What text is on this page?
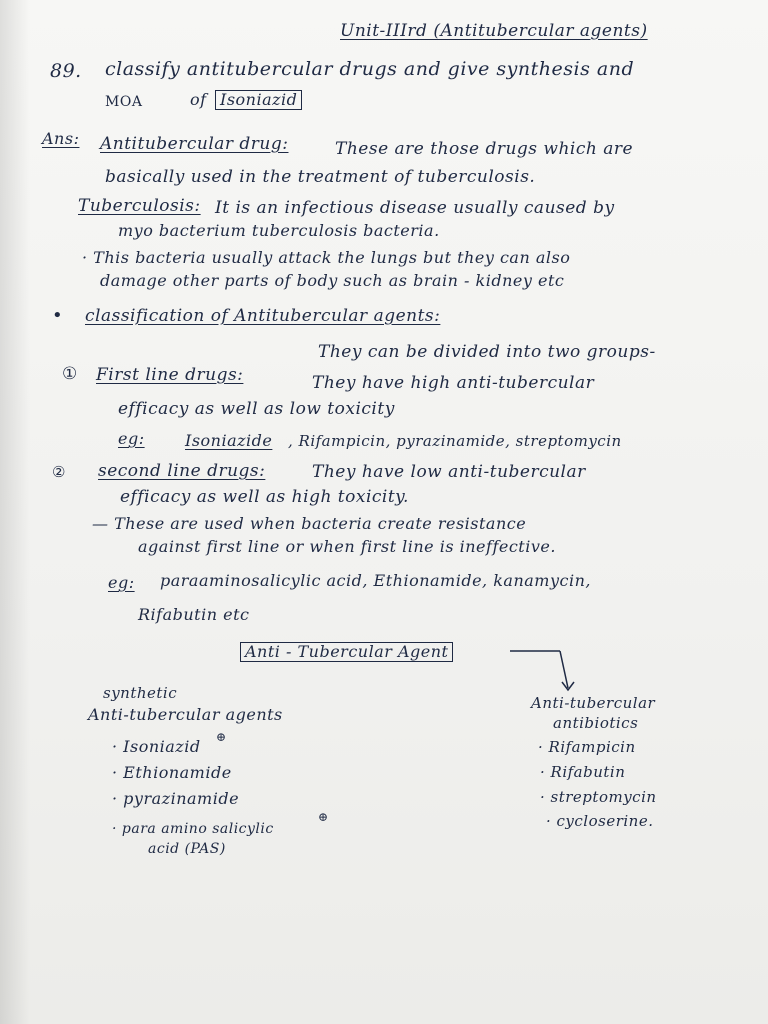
Unit-IIIrd (Antitubercular agents)
89. classify antitubercular drugs and give synthesis and
MOA	of Isoniazid
Ans: Antitubercular drug:	These are those drugs which are
basically used in the treatment of tuberculosis.
Tuberculosis: It is an infectious disease usually caused by
myo bacterium tuberculosis bacteria.
· This bacteria usually attack the lungs but they can also
damage other parts of body such as brain - kidney etc
• classification of Antitubercular agents:
They can be divided into two groups-
① First line drugs:	They have high anti-tubercular
efficacy as well as low toxicity
eg:	Isoniazide , Rifampicin, pyrazinamide, streptomycin
② second line drugs:	They have low anti-tubercular
efficacy as well as high toxicity.
— These are used when bacteria create resistance
against first line or when first line is ineffective.
eg: paraaminosalicylic acid, Ethionamide, kanamycin,
Rifabutin etc
Anti - Tubercular Agent
synthetic
Anti-tubercular agents
· Isoniazid ⊕
· Ethionamide
· pyrazinamide
· para amino salicylic
⊕
acid (PAS)
Anti-tubercular
antibiotics
· Rifampicin
· Rifabutin
· streptomycin
· cycloserine.
